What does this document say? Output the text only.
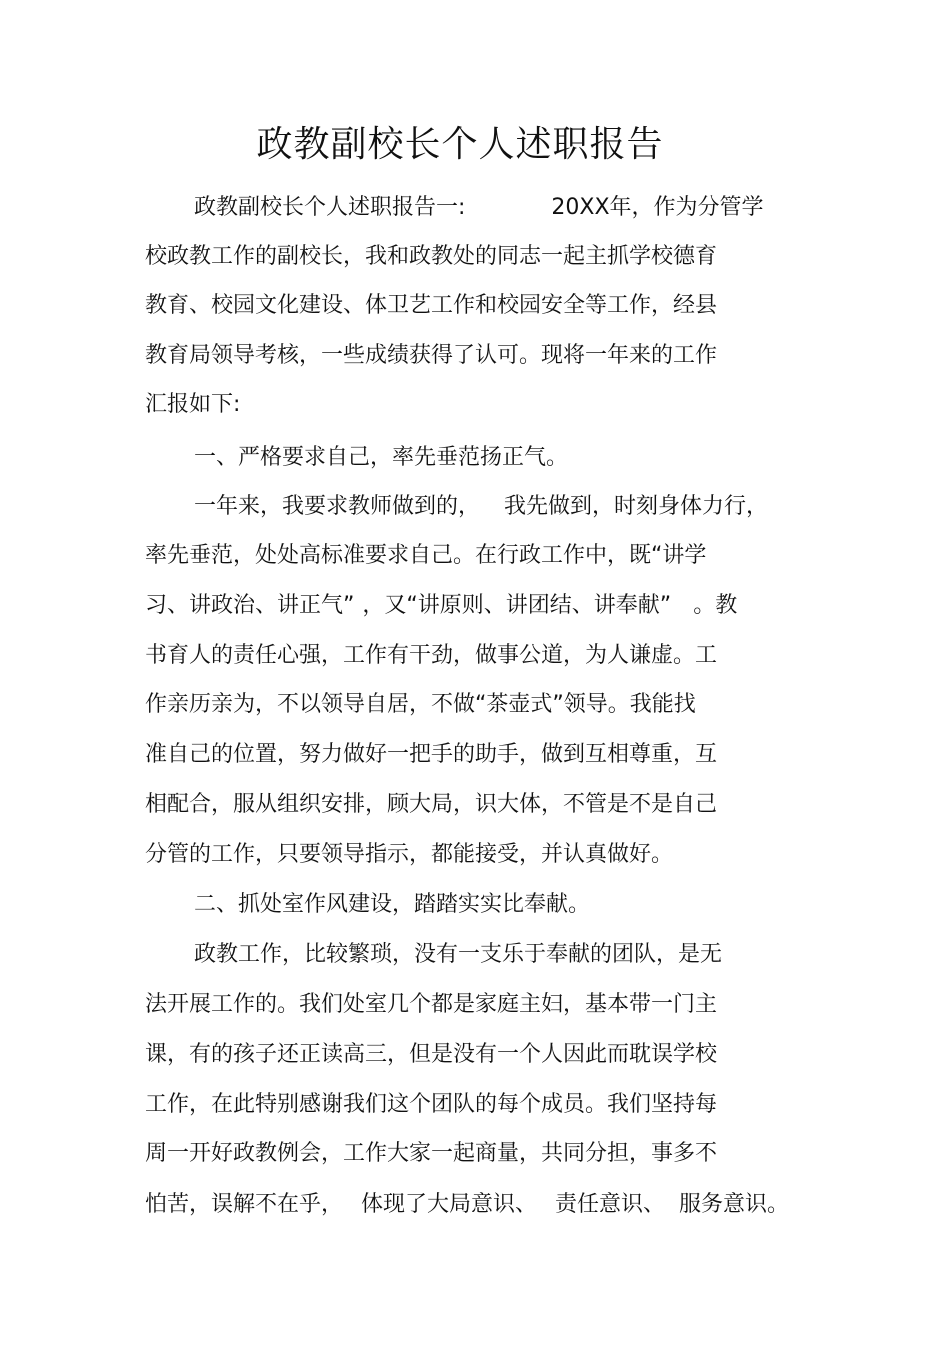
政教副校长个人述职报告

政教副校长个人述职报告一:	20XX年，作为分管学

校政教工作的副校长，我和政教处的同志一起主抓学校德育

教育、校园文化建设、体卫艺工作和校园安全等工作，经县

教育局领导考核，一些成绩获得了认可。现将一年来的工作

汇报如下:

一、严格要求自己，率先垂范扬正气。

一年来，我要求教师做到的， 我先做到，时刻身体力行，

率先垂范，处处高标准要求自己。在行政工作中，既“讲学

习、讲政治、讲正气” ，又“讲原则、讲团结、讲奉献” 。教

书育人的责任心强，工作有干劲，做事公道，为人谦虚。工

作亲历亲为，不以领导自居，不做“茶壶式”领导。我能找

准自己的位置，努力做好一把手的助手，做到互相尊重，互

相配合，服从组织安排，顾大局，识大体，不管是不是自己

分管的工作，只要领导指示，都能接受，并认真做好。

二、抓处室作风建设，踏踏实实比奉献。

政教工作，比较繁琐，没有一支乐于奉献的团队，是无

法开展工作的。我们处室几个都是家庭主妇，基本带一门主

课，有的孩子还正读高三，但是没有一个人因此而耽误学校

工作，在此特别感谢我们这个团队的每个成员。我们坚持每

周一开好政教例会，工作大家一起商量，共同分担，事多不

怕苦，误解不在乎， 体现了大局意识、 责任意识、 服务意识。
